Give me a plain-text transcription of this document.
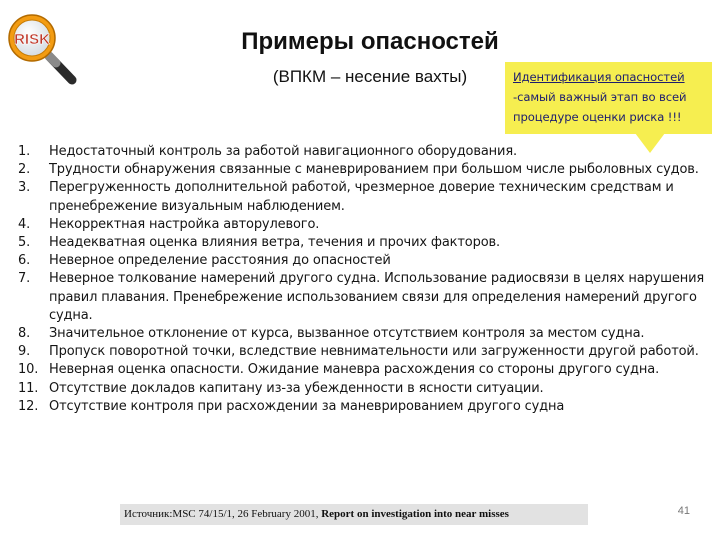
RISK	Примеры опасностей
(ВПКМ – несение вахты)	Идентификация опасностей
-самый важный этап во всей процедуре оценки риска !!!
1.	Недостаточный контроль за работой навигационного оборудования.
2.	Трудности обнаружения связанные с маневрированием при большом числе рыболовных судов.
3.	Перегруженность дополнительной работой, чрезмерное доверие техническим средствам и пренебрежение визуальным наблюдением.
4.	Некорректная настройка авторулевого.
5.	Неадекватная оценка влияния ветра, течения и прочих факторов.
6.	Неверное определение расстояния до опасностей
7.	Неверное толкование намерений другого судна. Использование радиосвязи в целях нарушения правил плавания. Пренебрежение использованием связи для определения намерений другого судна.
8.	Значительное отклонение от курса, вызванное отсутствием контроля за местом судна.
9.	Пропуск поворотной точки, вследствие невнимательности или загруженности другой работой.
10. Неверная оценка опасности. Ожидание маневра расхождения со стороны другого судна.
11. Отсутствие докладов капитану из-за убежденности в ясности ситуации.
12. Отсутствие контроля при расхождении за маневрированием другого судна
Источник:MSC 74/15/1, 26 February 2001, Report on investigation into near misses	41
